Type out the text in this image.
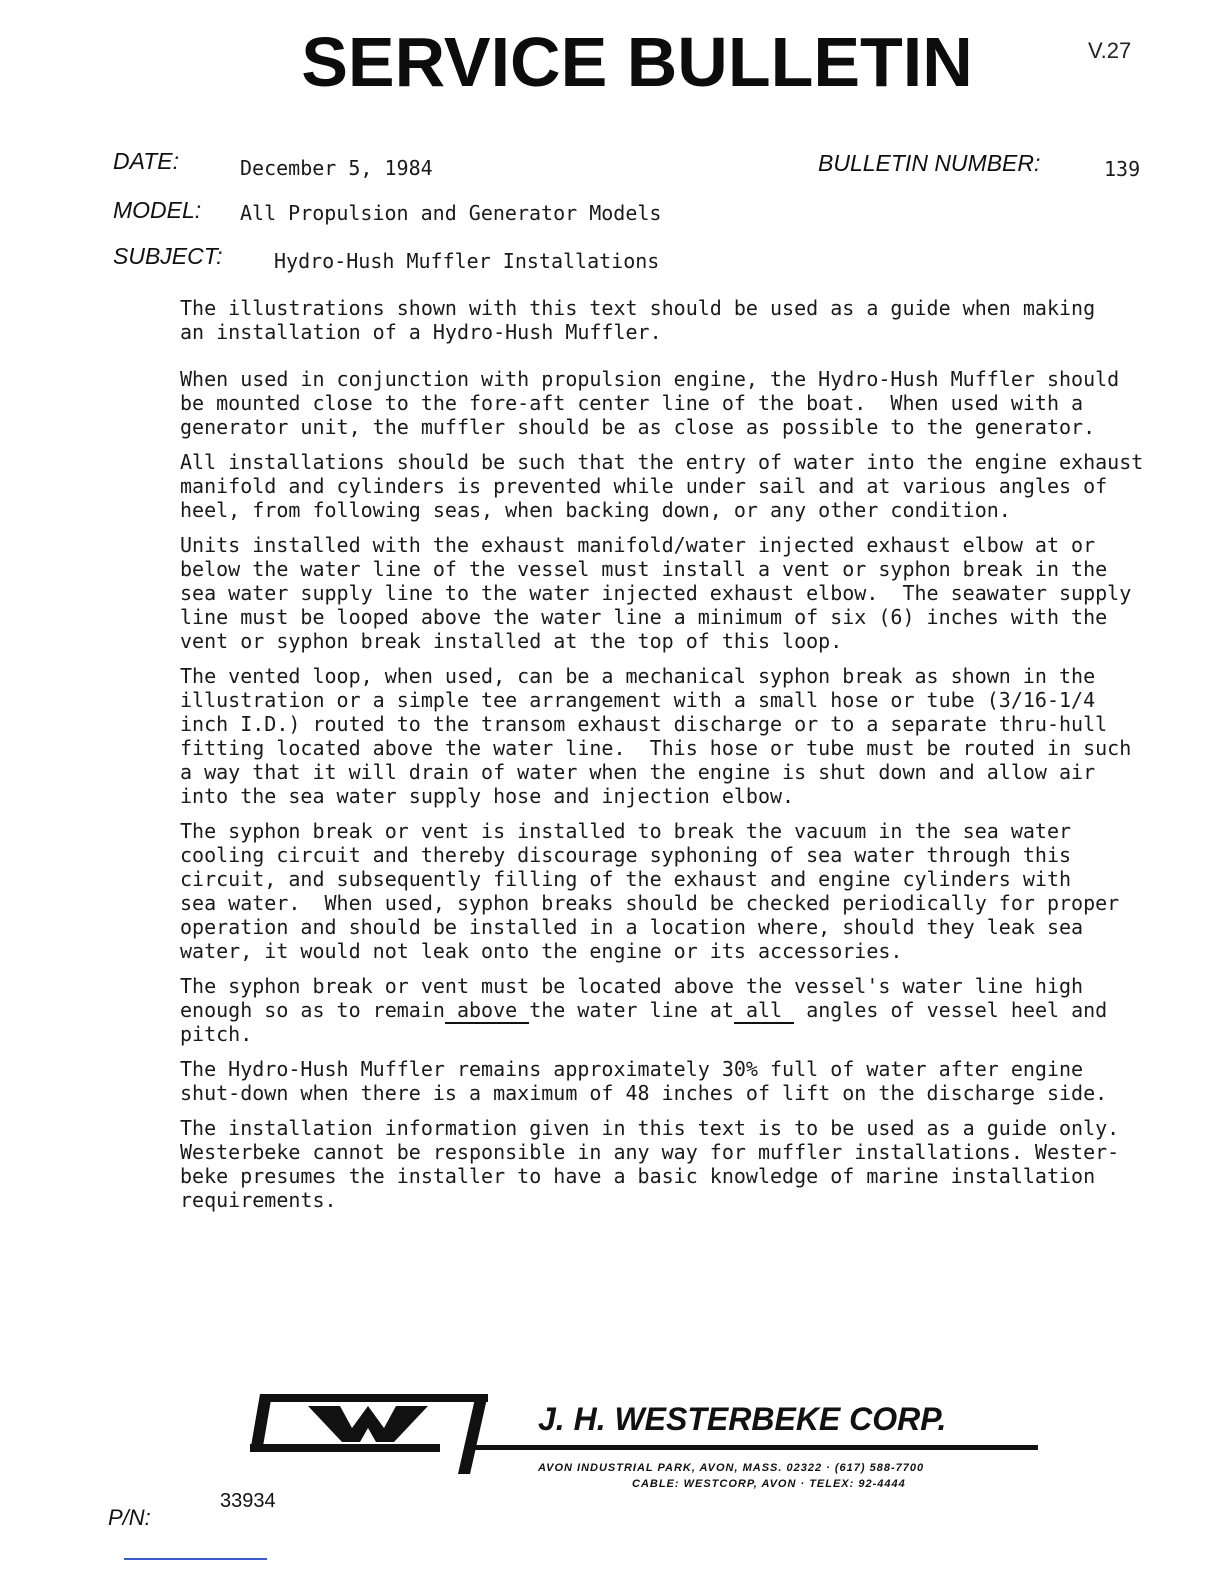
SERVICE BULLETIN	V.27
DATE:	December 5, 1984	BULLETIN NUMBER:	139
MODEL: All Propulsion and Generator Models
SUBJECT:	Hydro-Hush Muffler Installations
The illustrations shown with this text should be used as a guide when making
an installation of a Hydro-Hush Muffler.
When used in conjunction with propulsion engine, the Hydro-Hush Muffler should
be mounted close to the fore-aft center line of the boat.  When used with a
generator unit, the muffler should be as close as possible to the generator.
All installations should be such that the entry of water into the engine exhaust
manifold and cylinders is prevented while under sail and at various angles of
heel, from following seas, when backing down, or any other condition.
Units installed with the exhaust manifold/water injected exhaust elbow at or
below the water line of the vessel must install a vent or syphon break in the
sea water supply line to the water injected exhaust elbow.  The seawater supply
line must be looped above the water line a minimum of six (6) inches with the
vent or syphon break installed at the top of this loop.
The vented loop, when used, can be a mechanical syphon break as shown in the
illustration or a simple tee arrangement with a small hose or tube (3/16-1/4
inch I.D.) routed to the transom exhaust discharge or to a separate thru-hull
fitting located above the water line.  This hose or tube must be routed in such
a way that it will drain of water when the engine is shut down and allow air
into the sea water supply hose and injection elbow.
The syphon break or vent is installed to break the vacuum in the sea water
cooling circuit and thereby discourage syphoning of sea water through this
circuit, and subsequently filling of the exhaust and engine cylinders with
sea water.  When used, syphon breaks should be checked periodically for proper
operation and should be installed in a location where, should they leak sea
water, it would not leak onto the engine or its accessories.
The syphon break or vent must be located above the vessel's water line high
enough so as to remain above the water line at all angles of vessel heel and
pitch.
The Hydro-Hush Muffler remains approximately 30% full of water after engine
shut-down when there is a maximum of 48 inches of lift on the discharge side.
The installation information given in this text is to be used as a guide only.
Westerbeke cannot be responsible in any way for muffler installations. Wester-
beke presumes the installer to have a basic knowledge of marine installation
requirements.
J. H. WESTERBEKE CORP.
AVON INDUSTRIAL PARK, AVON, MASS. 02322 · (617) 588-7700
CABLE: WESTCORP, AVON · TELEX: 92-4444
P/N:
33934
